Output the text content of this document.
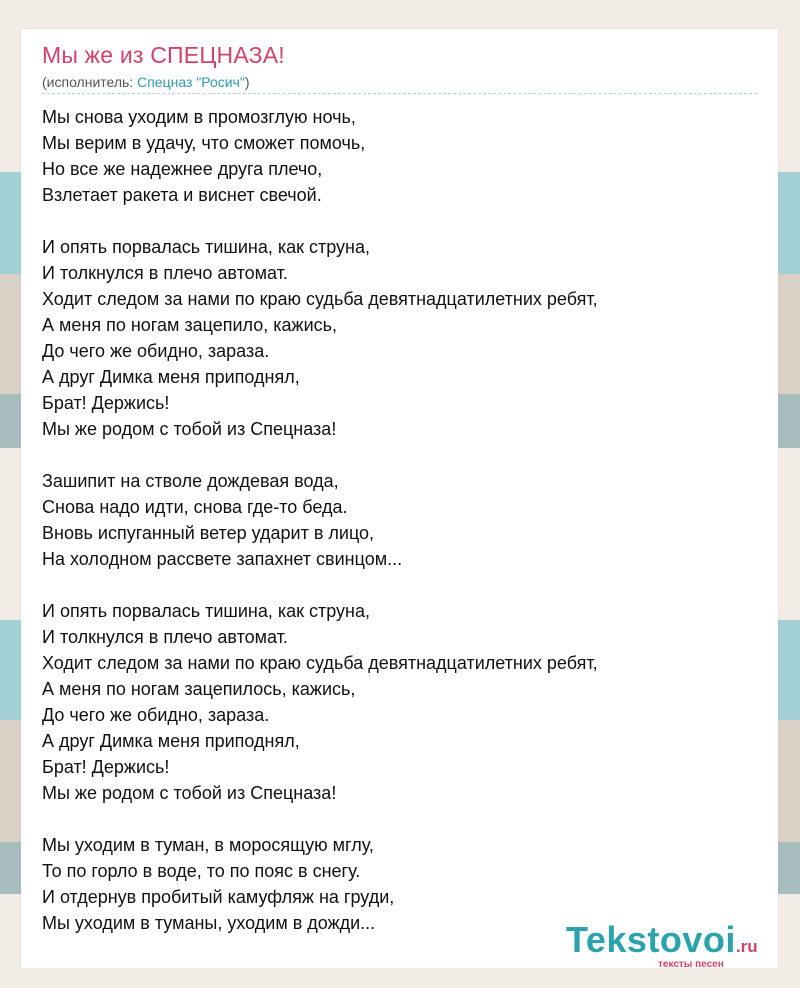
Мы же из СПЕЦНАЗА!
(исполнитель: Спецназ "Росич")
Мы снова уходим в промозглую ночь,
Мы верим в удачу, что сможет помочь,
Но все же надежнее друга плечо,
Взлетает ракета и виснет свечой.
И опять порвалась тишина, как струна,
И толкнулся в плечо автомат.
Ходит следом за нами по краю судьба девятнадцатилетних ребят,
А меня по ногам зацепило, кажись,
До чего же обидно, зараза.
А друг Димка меня приподнял,
Брат! Держись!
Мы же родом с тобой из Спецназа!
Зашипит на стволе дождевая вода,
Снова надо идти, снова где-то беда.
Вновь испуганный ветер ударит в лицо,
На холодном рассвете запахнет свинцом...
И опять порвалась тишина, как струна,
И толкнулся в плечо автомат.
Ходит следом за нами по краю судьба девятнадцатилетних ребят,
А меня по ногам зацепилось, кажись,
До чего же обидно, зараза.
А друг Димка меня приподнял,
Брат! Держись!
Мы же родом с тобой из Спецназа!
Мы уходим в туман, в моросящую мглу,
То по горло в воде, то по пояс в снегу.
И отдернув пробитый камуфляж на груди,
Мы уходим в туманы, уходим в дожди...	Tekstovoi.ru
тексты песен
